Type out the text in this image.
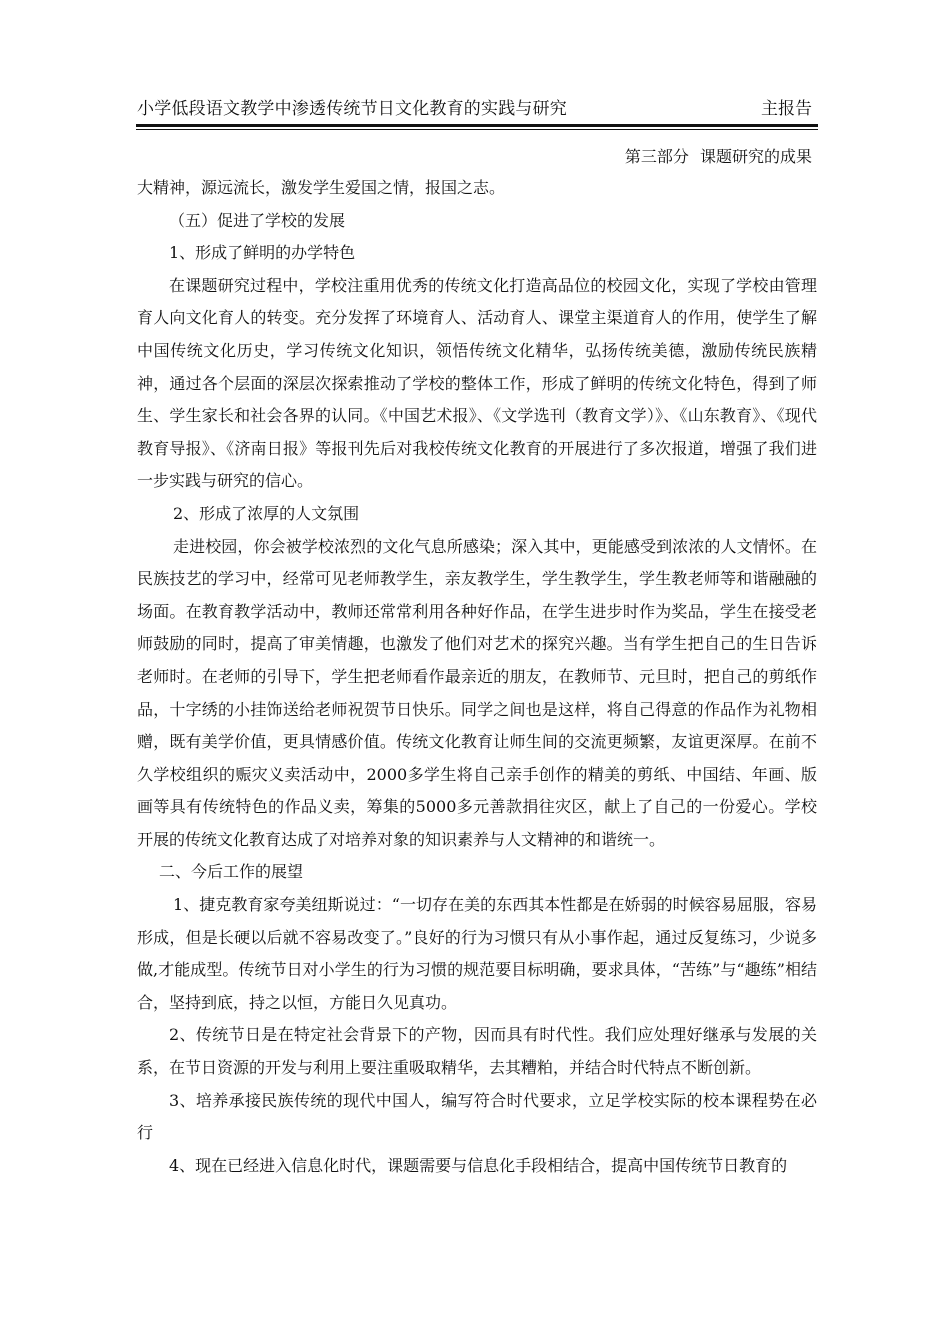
小学低段语文教学中渗透传统节日文化教育的实践与研究	主报告
第三部分 课题研究的成果

大精神，源远流长，激发学生爱国之情，报国之志。

（五）促进了学校的发展

1、形成了鲜明的办学特色

在课题研究过程中，学校注重用优秀的传统文化打造高品位的校园文化，实现了学校由管理育人向文化育人的转变。充分发挥了环境育人、活动育人、课堂主渠道育人的作用，使学生了解中国传统文化历史，学习传统文化知识，领悟传统文化精华，弘扬传统美德，激励传统民族精神，通过各个层面的深层次探索推动了学校的整体工作，形成了鲜明的传统文化特色，得到了师生、学生家长和社会各界的认同。《中国艺术报》、《文学选刊（教育文学）》、《山东教育》、《现代教育导报》、《济南日报》等报刊先后对我校传统文化教育的开展进行了多次报道，增强了我们进一步实践与研究的信心。

2、形成了浓厚的人文氛围

走进校园，你会被学校浓烈的文化气息所感染；深入其中，更能感受到浓浓的人文情怀。在民族技艺的学习中，经常可见老师教学生，亲友教学生，学生教学生，学生教老师等和谐融融的场面。在教育教学活动中，教师还常常利用各种好作品，在学生进步时作为奖品，学生在接受老师鼓励的同时，提高了审美情趣，也激发了他们对艺术的探究兴趣。当有学生把自己的生日告诉老师时。在老师的引导下，学生把老师看作最亲近的朋友，在教师节、元旦时，把自己的剪纸作品，十字绣的小挂饰送给老师祝贺节日快乐。同学之间也是这样，将自己得意的作品作为礼物相赠，既有美学价值，更具情感价值。传统文化教育让师生间的交流更频繁，友谊更深厚。在前不久学校组织的赈灾义卖活动中，2000多学生将自己亲手创作的精美的剪纸、中国结、年画、版画等具有传统特色的作品义卖，筹集的5000多元善款捐往灾区，献上了自己的一份爱心。学校开展的传统文化教育达成了对培养对象的知识素养与人文精神的和谐统一。

二、今后工作的展望

1、捷克教育家夸美纽斯说过：“一切存在美的东西其本性都是在娇弱的时候容易屈服，容易形成，但是长硬以后就不容易改变了。”良好的行为习惯只有从小事作起，通过反复练习，少说多做,才能成型。传统节日对小学生的行为习惯的规范要目标明确，要求具体，“苦练”与“趣练”相结合，坚持到底，持之以恒，方能日久见真功。

2、传统节日是在特定社会背景下的产物，因而具有时代性。我们应处理好继承与发展的关系，在节日资源的开发与利用上要注重吸取精华，去其糟粕，并结合时代特点不断创新。

3、培养承接民族传统的现代中国人，编写符合时代要求，立足学校实际的校本课程势在必行

4、现在已经进入信息化时代，课题需要与信息化手段相结合，提高中国传统节日教育的
